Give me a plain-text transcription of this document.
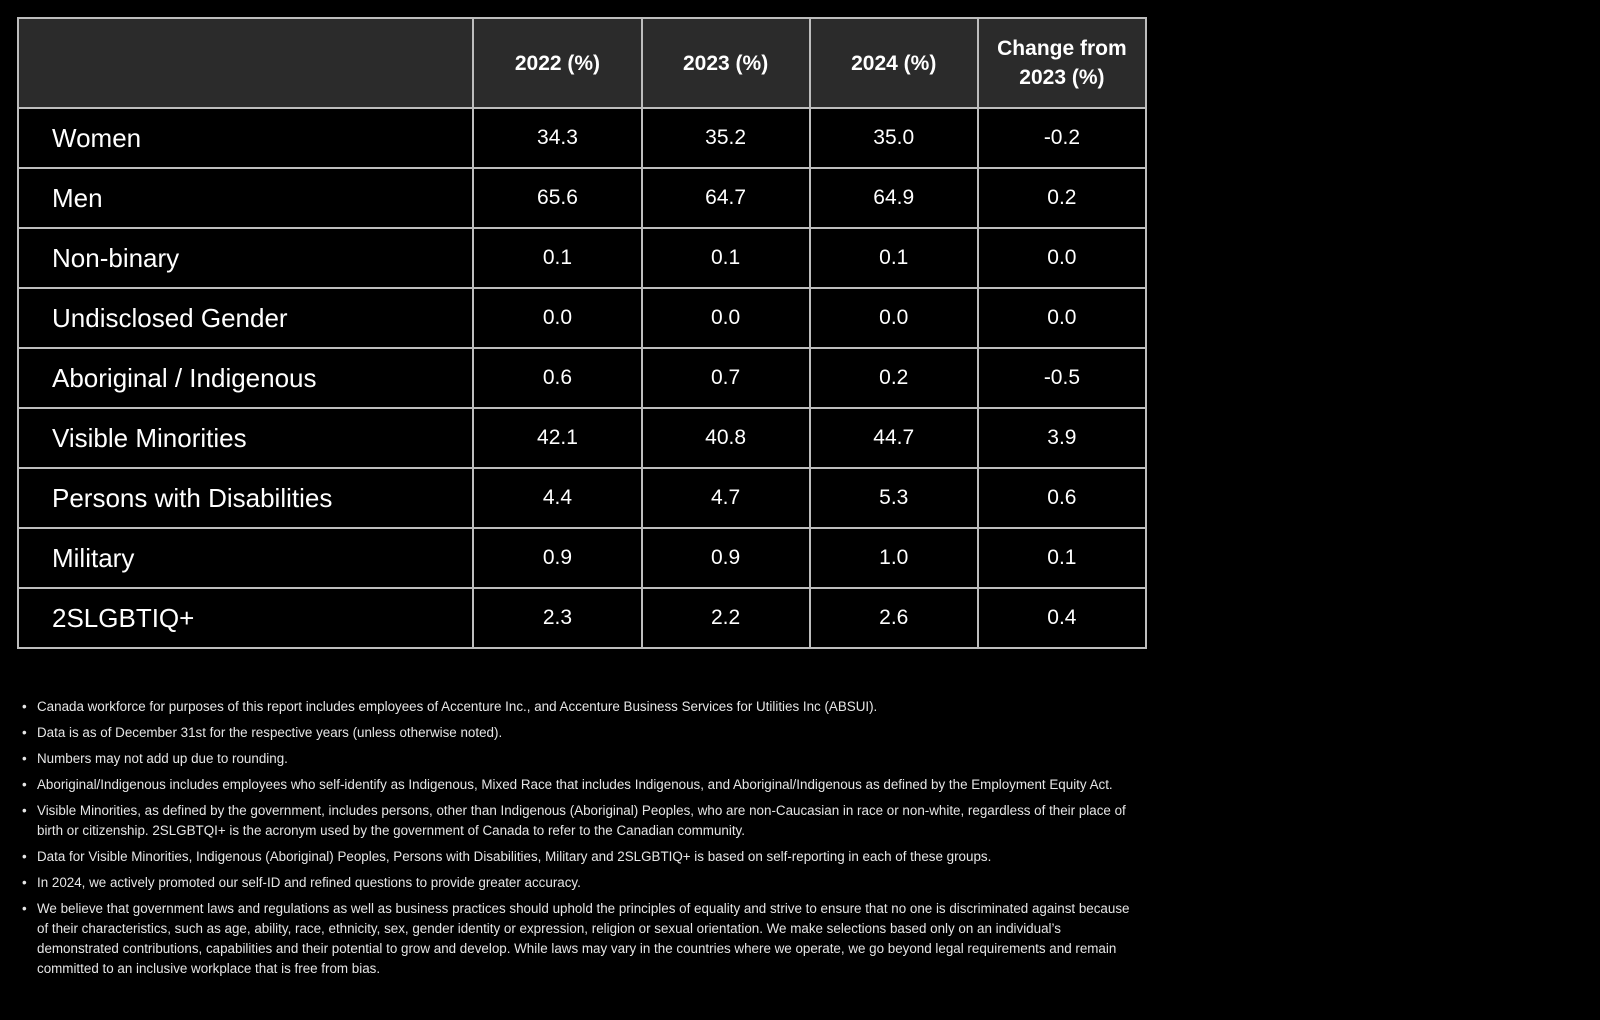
	2022 (%)	2023 (%)	2024 (%)	Change from
2023 (%)

Women	34.3	35.2	35.0	-0.2
Men	65.6	64.7	64.9	0.2
Non-binary	0.1	0.1	0.1	0.0
Undisclosed Gender	0.0	0.0	0.0	0.0
Aboriginal / Indigenous	0.6	0.7	0.2	-0.5
Visible Minorities	42.1	40.8	44.7	3.9
Persons with Disabilities	4.4	4.7	5.3	0.6
Military	0.9	0.9	1.0	0.1
2SLGBTIQ+	2.3	2.2	2.6	0.4
• Canada workforce for purposes of this report includes employees of Accenture Inc., and Accenture Business Services for Utilities Inc (ABSUI).
• Data is as of December 31st for the respective years (unless otherwise noted).
• Numbers may not add up due to rounding.
• Aboriginal/Indigenous includes employees who self-identify as Indigenous, Mixed Race that includes Indigenous, and Aboriginal/Indigenous as defined by the Employment Equity Act.
• Visible Minorities, as defined by the government, includes persons, other than Indigenous (Aboriginal) Peoples, who are non-Caucasian in race or non-white, regardless of their place of birth or citizenship. 2SLGBTQI+ is the acronym used by the government of Canada to refer to the Canadian community.
• Data for Visible Minorities, Indigenous (Aboriginal) Peoples, Persons with Disabilities, Military and 2SLGBTIQ+ is based on self-reporting in each of these groups.
• In 2024, we actively promoted our self-ID and refined questions to provide greater accuracy.
• We believe that government laws and regulations as well as business practices should uphold the principles of equality and strive to ensure that no one is discriminated against because of their characteristics, such as age, ability, race, ethnicity, sex, gender identity or expression, religion or sexual orientation. We make selections based only on an individual’s demonstrated contributions, capabilities and their potential to grow and develop. While laws may vary in the countries where we operate, we go beyond legal requirements and remain committed to an inclusive workplace that is free from bias.
